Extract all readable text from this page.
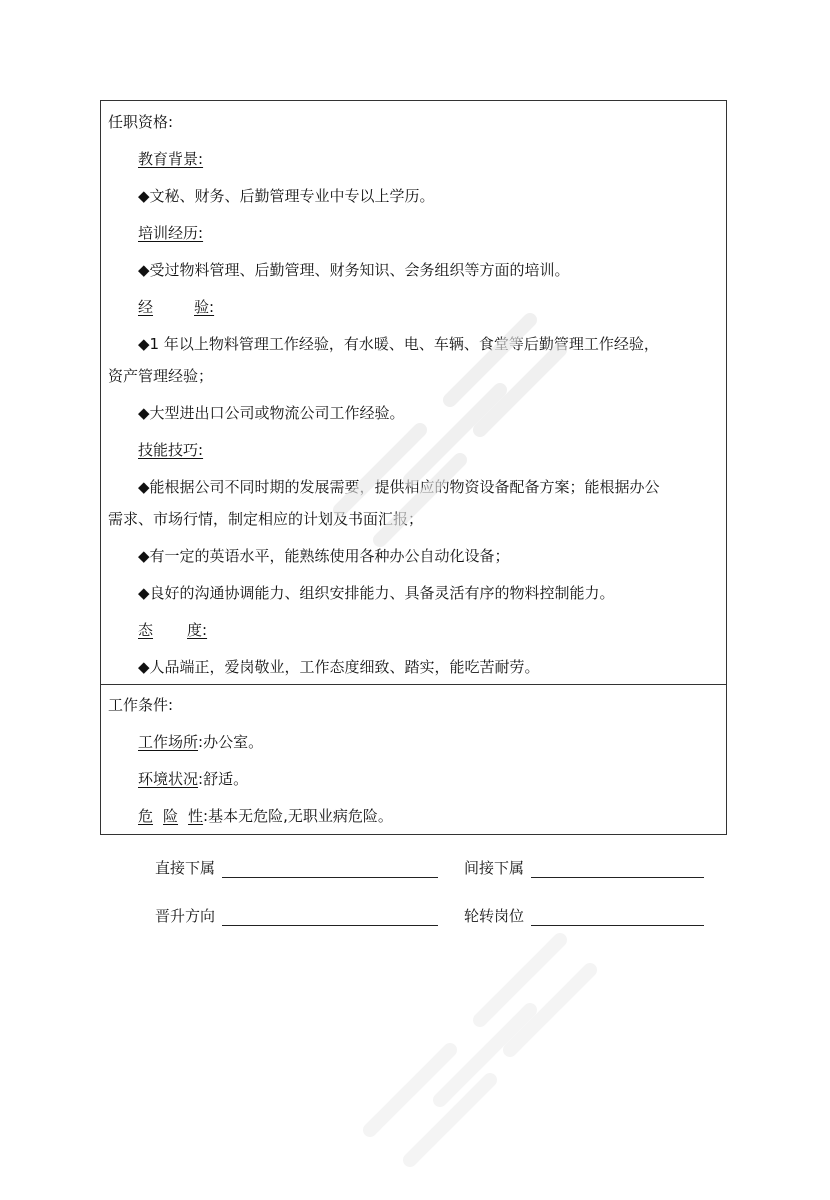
任职资格:
教育背景:
◆文秘、财务、后勤管理专业中专以上学历。
培训经历:
◆受过物料管理、后勤管理、财务知识、会务组织等方面的培训。
经	验:
◆1 年以上物料管理工作经验，有水暖、电、车辆、食堂等后勤管理工作经验，
资产管理经验；
◆大型进出口公司或物流公司工作经验。
技能技巧:
◆能根据公司不同时期的发展需要，提供相应的物资设备配备方案；能根据办公
需求、市场行情，制定相应的计划及书面汇报；
◆有一定的英语水平，能熟练使用各种办公自动化设备；
◆良好的沟通协调能力、组织安排能力、具备灵活有序的物料控制能力。
态 度:
◆人品端正，爱岗敬业，工作态度细致、踏实，能吃苦耐劳。
工作条件:
工作场所:办公室。
环境状况:舒适。
危 险 性:基本无危险,无职业病危险。
直接下属	间接下属
晋升方向	轮转岗位
